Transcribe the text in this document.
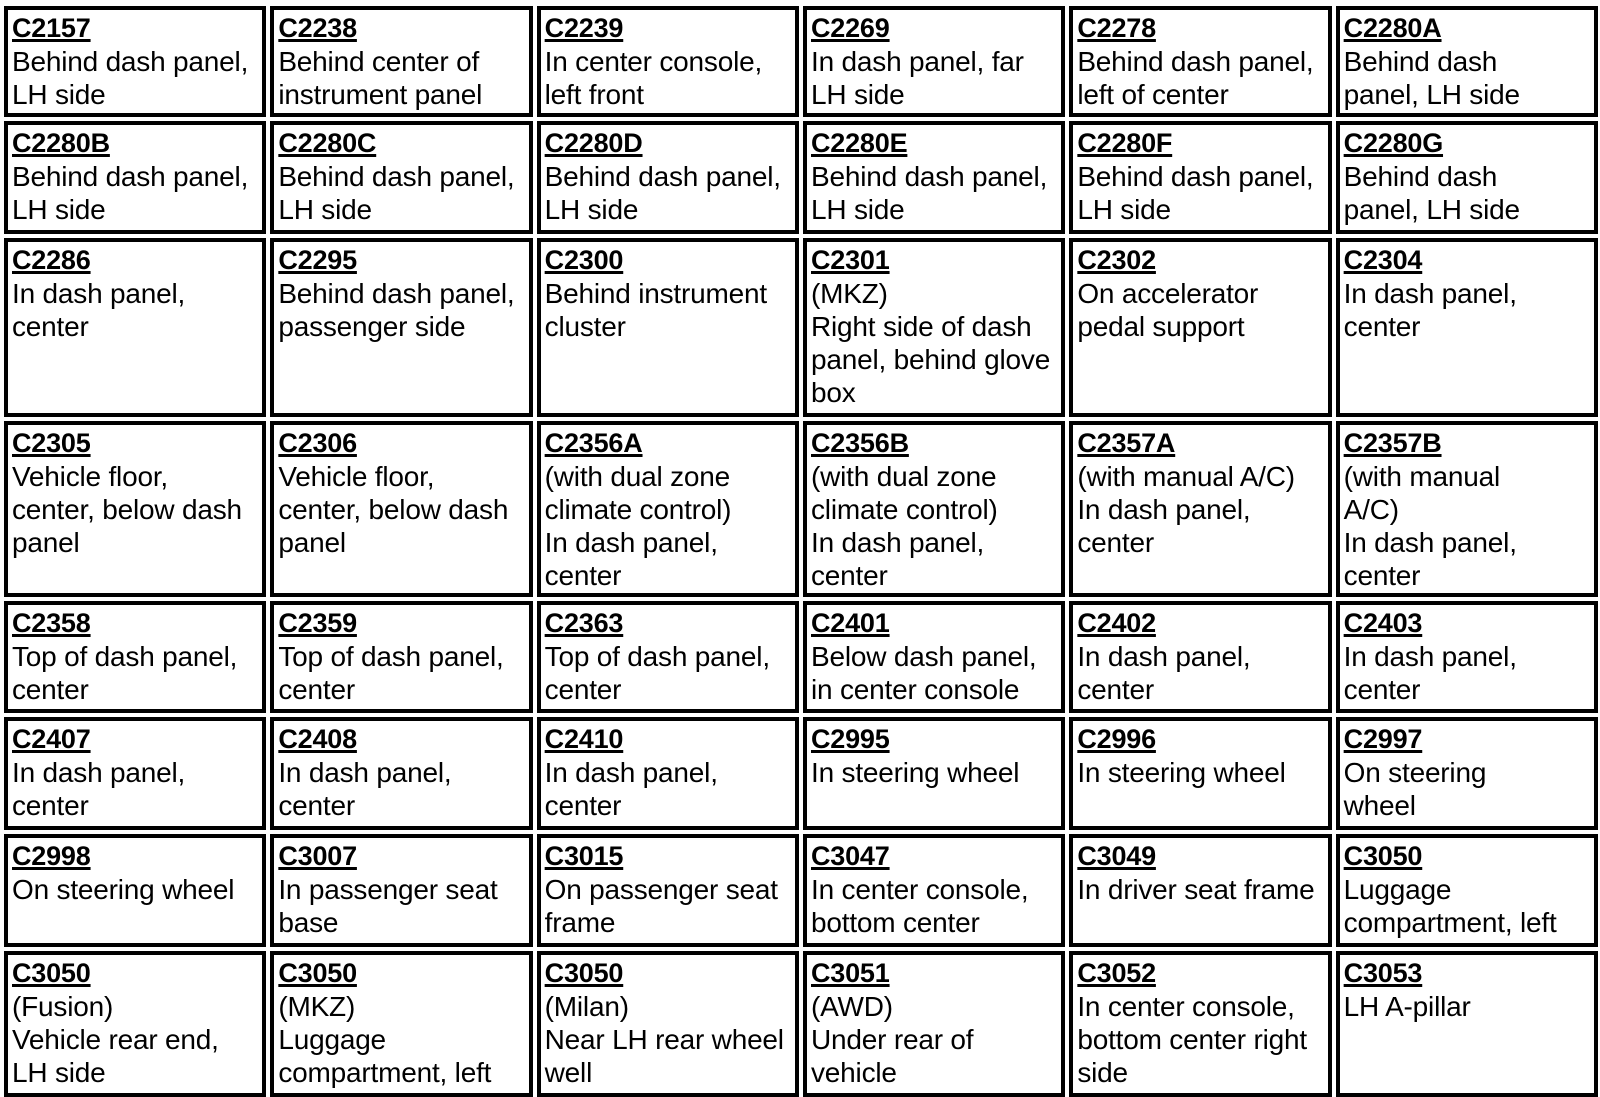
C2157
Behind dash panel,
LH side
C2238
Behind center of
instrument panel
C2239
In center console,
left front
C2269
In dash panel, far
LH side
C2278
Behind dash panel,
left of center
C2280A
Behind dash
panel, LH side
C2280B
Behind dash panel,
LH side
C2280C
Behind dash panel,
LH side
C2280D
Behind dash panel,
LH side
C2280E
Behind dash panel,
LH side
C2280F
Behind dash panel,
LH side
C2280G
Behind dash
panel, LH side
C2286
In dash panel,
center
C2295
Behind dash panel,
passenger side
C2300
Behind instrument
cluster
C2301
(MKZ)
Right side of dash
panel, behind glove
box
C2302
On accelerator
pedal support
C2304
In dash panel,
center
C2305
Vehicle floor,
center, below dash
panel
C2306
Vehicle floor,
center, below dash
panel
C2356A
(with dual zone
climate control)
In dash panel,
center
C2356B
(with dual zone
climate control)
In dash panel,
center
C2357A
(with manual A/C)
In dash panel,
center
C2357B
(with manual
A/C)
In dash panel,
center
C2358
Top of dash panel,
center
C2359
Top of dash panel,
center
C2363
Top of dash panel,
center
C2401
Below dash panel,
in center console
C2402
In dash panel,
center
C2403
In dash panel,
center
C2407
In dash panel,
center
C2408
In dash panel,
center
C2410
In dash panel,
center
C2995
In steering wheel
C2996
In steering wheel
C2997
On steering
wheel
C2998
On steering wheel
C3007
In passenger seat
base
C3015
On passenger seat
frame
C3047
In center console,
bottom center
C3049
In driver seat frame
C3050
Luggage
compartment, left
C3050
(Fusion)
Vehicle rear end,
LH side
C3050
(MKZ)
Luggage
compartment, left
C3050
(Milan)
Near LH rear wheel
well
C3051
(AWD)
Under rear of
vehicle
C3052
In center console,
bottom center right
side
C3053
LH A-pillar
